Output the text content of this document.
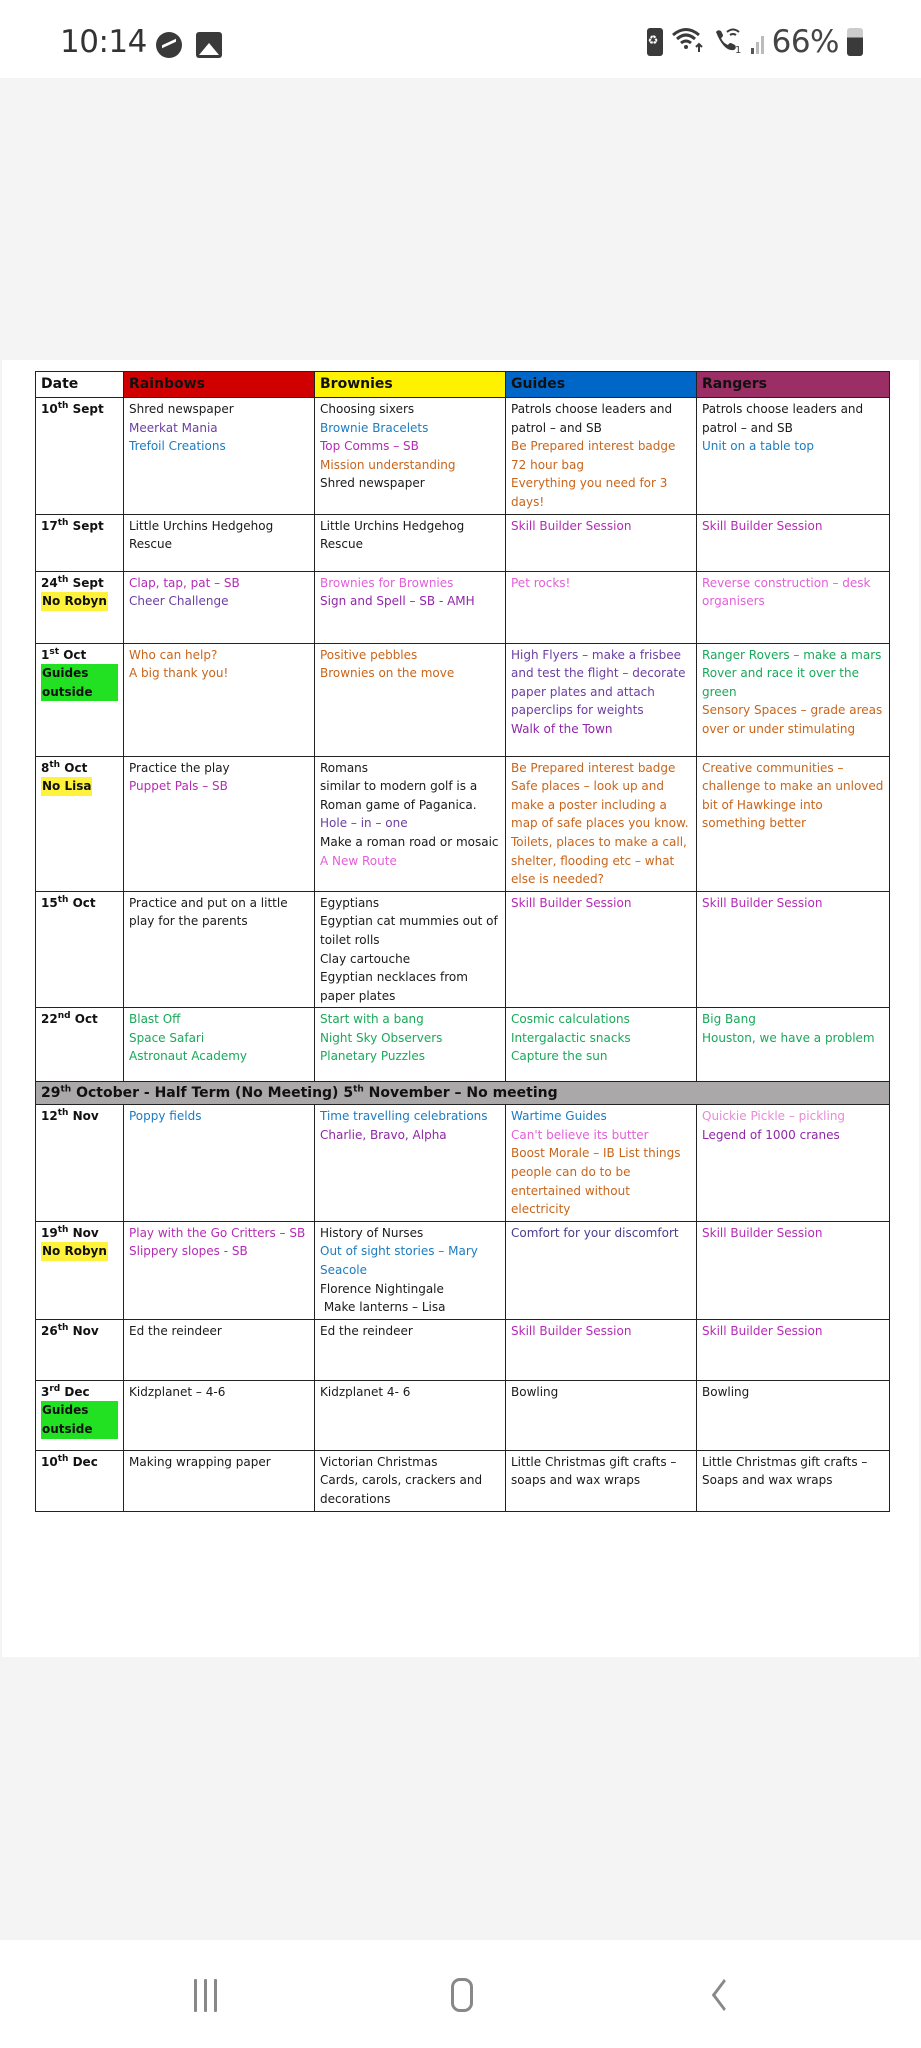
10:14 ♻	1 66%
Date	Rainbows	Brownies	Guides	Rangers
10th Sept	Shred newspaper
Meerkat Mania
Trefoil Creations	Choosing sixers
Brownie Bracelets
Top Comms – SB
Mission understanding
Shred newspaper	Patrols choose leaders and patrol – and SB
Be Prepared interest badge
72 hour bag
Everything you need for 3 days!	Patrols choose leaders and patrol – and SB
Unit on a table top

17th Sept	Little Urchins Hedgehog Rescue	Little Urchins Hedgehog Rescue	Skill Builder Session	Skill Builder Session

24th Sept
No Robyn	Clap, tap, pat – SB
Cheer Challenge	Brownies for Brownies
Sign and Spell – SB - AMH	Pet rocks!	Reverse construction – desk organisers

1st Oct
Guides outside	Who can help?
A big thank you!	Positive pebbles
Brownies on the move	High Flyers – make a frisbee and test the flight – decorate paper plates and attach paperclips for weights
Walk of the Town	Ranger Rovers – make a mars Rover and race it over the green
Sensory Spaces – grade areas over or under stimulating

8th Oct
No Lisa	Practice the play
Puppet Pals – SB	Romans
similar to modern golf is a Roman game of Paganica. Hole – in – one
Make a roman road or mosaic
A New Route	Be Prepared interest badge
Safe places – look up and make a poster including a map of safe places you know. Toilets, places to make a call, shelter, flooding etc – what else is needed?	Creative communities – challenge to make an unloved bit of Hawkinge into something better

15th Oct	Practice and put on a little play for the parents	Egyptians
Egyptian cat mummies out of toilet rolls
Clay cartouche
Egyptian necklaces from paper plates	Skill Builder Session	Skill Builder Session

22nd Oct	Blast Off
Space Safari
Astronaut Academy	Start with a bang
Night Sky Observers
Planetary Puzzles	Cosmic calculations
Intergalactic snacks
Capture the sun	Big Bang
Houston, we have a problem

29th October - Half Term (No Meeting) 5th November – No meeting				
12th Nov	Poppy fields	Time travelling celebrations
Charlie, Bravo, Alpha	Wartime Guides
Can't believe its butter
Boost Morale – IB List things people can do to be entertained without electricity	Quickie Pickle – pickling
Legend of 1000 cranes

19th Nov
No Robyn	Play with the Go Critters – SB
Slippery slopes - SB	History of Nurses
Out of sight stories – Mary Seacole
Florence Nightingale
Make lanterns – Lisa	Comfort for your discomfort	Skill Builder Session

26th Nov	Ed the reindeer	Ed the reindeer	Skill Builder Session	Skill Builder Session

3rd Dec
Guides outside	Kidzplanet – 4-6	Kidzplanet 4- 6	Bowling	Bowling

10th Dec	Making wrapping paper	Victorian Christmas
Cards, carols, crackers and decorations	Little Christmas gift crafts – soaps and wax wraps	Little Christmas gift crafts – Soaps and wax wraps
